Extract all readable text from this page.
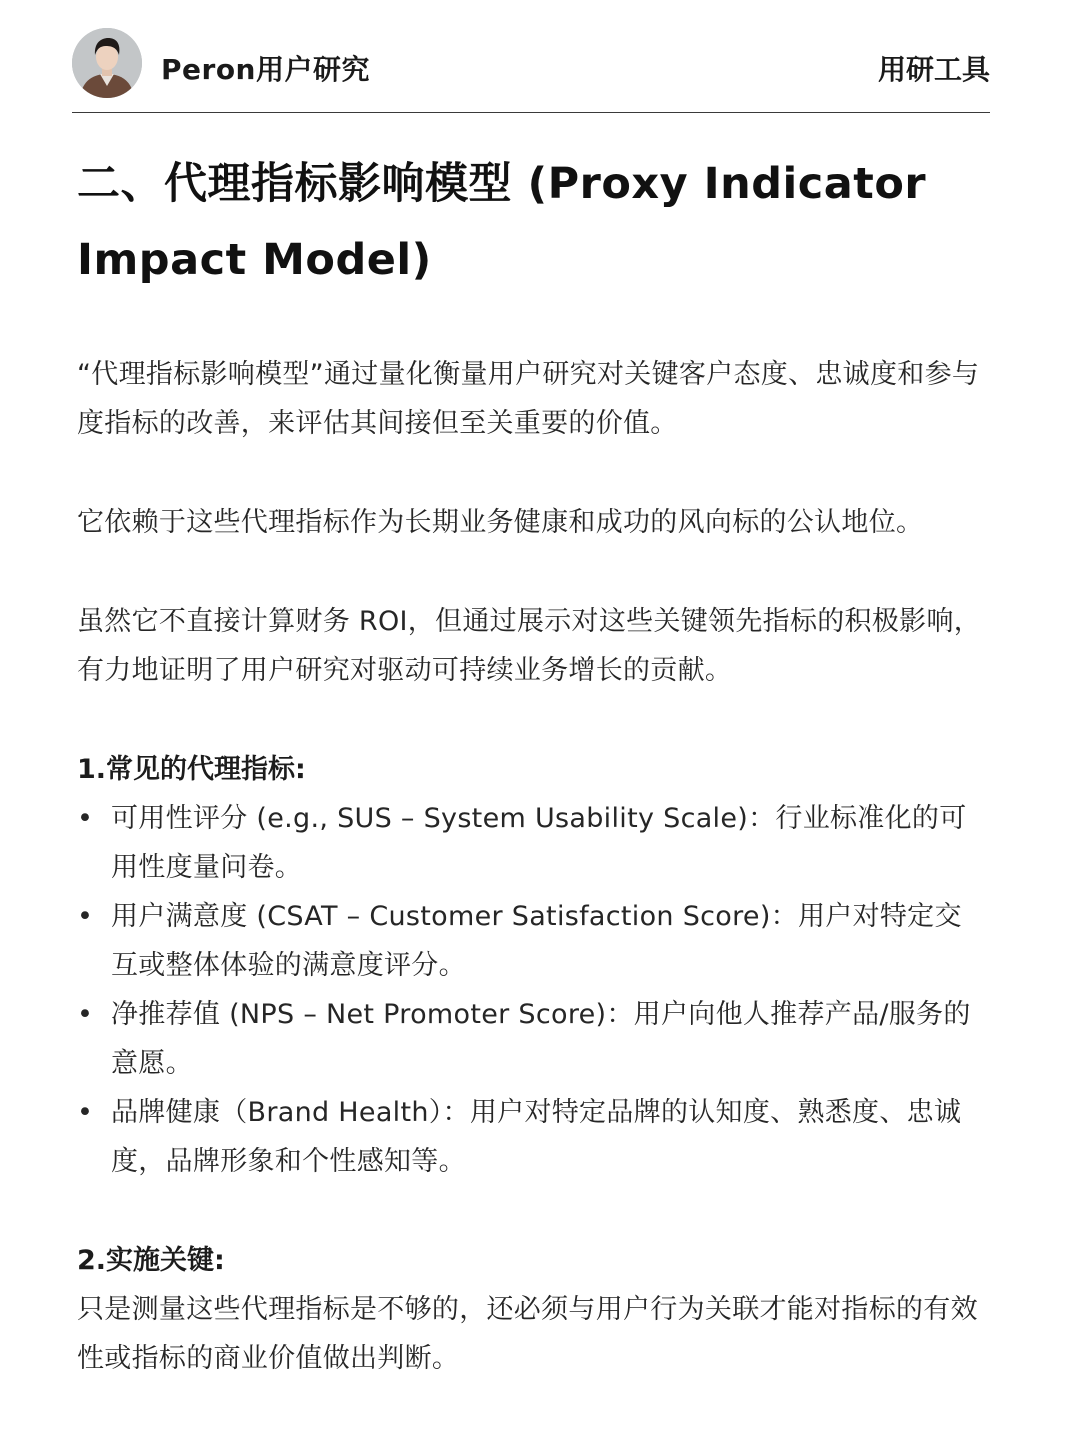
Peron用户研究	用研工具
二、代理指标影响模型 (Proxy Indicator Impact Model)

“代理指标影响模型”通过量化衡量用户研究对关键客户态度、忠诚度和参与度指标的改善，来评估其间接但至关重要的价值。

它依赖于这些代理指标作为长期业务健康和成功的风向标的公认地位。

虽然它不直接计算财务 ROI，但通过展示对这些关键领先指标的积极影响，有力地证明了用户研究对驱动可持续业务增长的贡献。

1.常见的代理指标:
• 可用性评分 (e.g., SUS – System Usability Scale)：行业标准化的可用性度量问卷。
• 用户满意度 (CSAT – Customer Satisfaction Score)：用户对特定交互或整体体验的满意度评分。
• 净推荐值 (NPS – Net Promoter Score)：用户向他人推荐产品/服务的意愿。
• 品牌健康（Brand Health）：用户对特定品牌的认知度、熟悉度、忠诚度，品牌形象和个性感知等。
2.实施关键:

只是测量这些代理指标是不够的，还必须与用户行为关联才能对指标的有效性或指标的商业价值做出判断。
